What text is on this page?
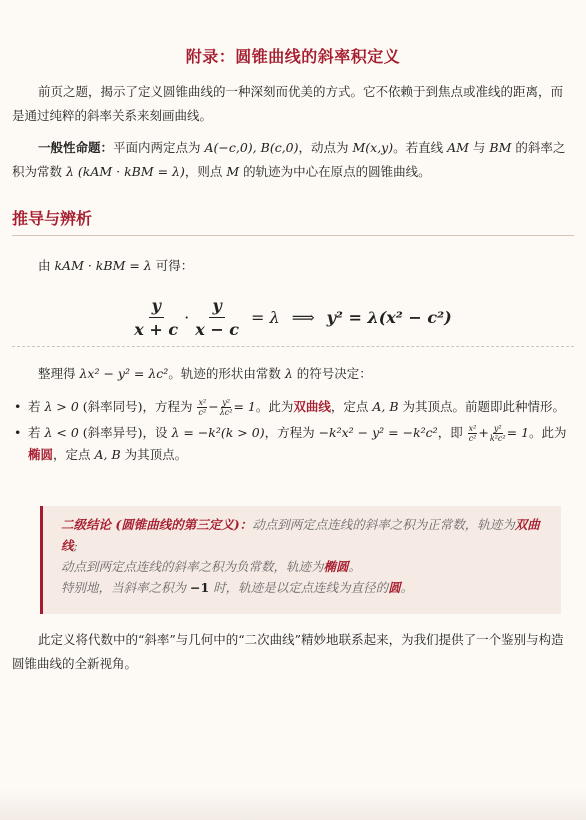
附录：圆锥曲线的斜率积定义
前页之题，揭示了定义圆锥曲线的一种深刻而优美的方式。它不依赖于到焦点或准线的距离，而是通过纯粹的斜率关系来刻画曲线。
一般性命题：平面内两定点为 A(−c,0), B(c,0)，动点为 M(x,y)。若直线 AM 与 BM 的斜率之积为常数 λ (kAM · kBM = λ)，则点 M 的轨迹为中心在原点的圆锥曲线。
推导与辨析
由 kAM · kBM = λ 可得：
$\frac{y}{x + c} \cdot \frac{y}{x - c} = \lambda$ ⟹ y² = λ(x² − c²)
整理得 λx² − y² = λc²。轨迹的形状由常数 λ 的符号决定：
• 若 λ > 0 (斜率同号)，方程为 $\frac{\text{x²}}{\text{c²}} - \frac{\text{y²}}{\text{λc²}} = 1$。此为双曲线，定点 A, B 为其顶点。前题即此种情形。
• 若 λ < 0 (斜率异号)，设 λ = −k²(k > 0)，方程为 −k²x² − y² = −k²c²，即 $\frac{\text{x²}}{\text{c²}} + \frac{\text{y²}}{\text{k²c²}} = 1$。此为椭圆，定点 A, B 为其顶点。
二级结论 (圆锥曲线的第三定义)：动点到两定点连线的斜率之积为正常数，轨迹为双曲线;
动点到两定点连线的斜率之积为负常数，轨迹为椭圆。
特别地，当斜率之积为 −1 时，轨迹是以定点连线为直径的圆。
此定义将代数中的“斜率”与几何中的“二次曲线”精妙地联系起来，为我们提供了一个鉴别与构造圆锥曲线的全新视角。
